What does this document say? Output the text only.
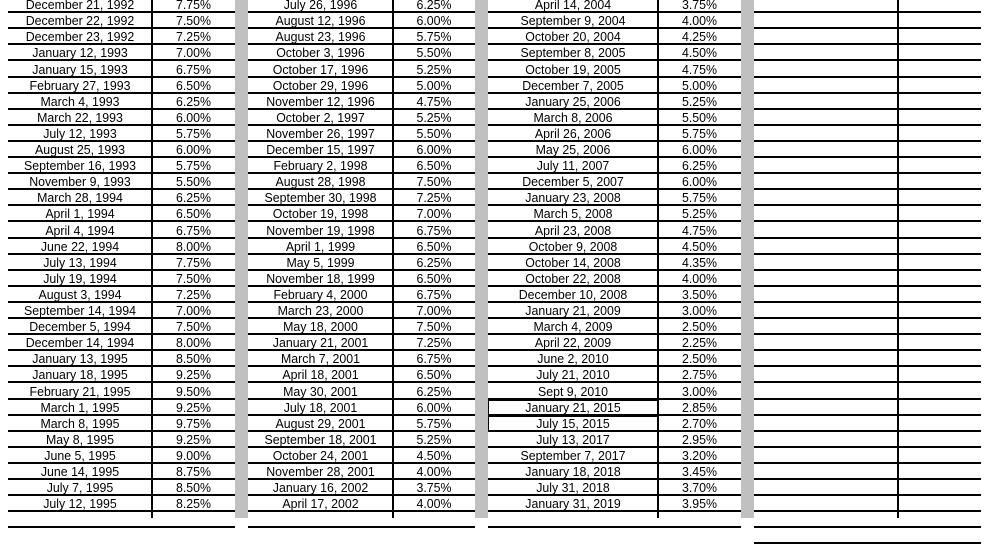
December 21, 1992	7.75%
December 22, 1992	7.50%
December 23, 1992	7.25%
January 12, 1993	7.00%
January 15, 1993	6.75%
February 27, 1993	6.50%
March 4, 1993	6.25%
March 22, 1993	6.00%
July 12, 1993	5.75%
August 25, 1993	6.00%
September 16, 1993	5.75%
November 9, 1993	5.50%
March 28, 1994	6.25%
April 1, 1994	6.50%
April 4, 1994	6.75%
June 22, 1994	8.00%
July 13, 1994	7.75%
July 19, 1994	7.50%
August 3, 1994	7.25%
September 14, 1994	7.00%
December 5, 1994	7.50%
December 14, 1994	8.00%
January 13, 1995	8.50%
January 18, 1995	9.25%
February 21, 1995	9.50%
March 1, 1995	9.25%
March 8, 1995	9.75%
May 8, 1995	9.25%
June 5, 1995	9.00%
June 14, 1995	8.75%
July 7, 1995	8.50%
July 12, 1995	8.25%
July 26, 1996	6.25%
August 12, 1996	6.00%
August 23, 1996	5.75%
October 3, 1996	5.50%
October 17, 1996	5.25%
October 29, 1996	5.00%
November 12, 1996	4.75%
October 2, 1997	5.25%
November 26, 1997	5.50%
December 15, 1997	6.00%
February 2, 1998	6.50%
August 28, 1998	7.50%
September 30, 1998	7.25%
October 19, 1998	7.00%
November 19, 1998	6.75%
April 1, 1999	6.50%
May 5, 1999	6.25%
November 18, 1999	6.50%
February 4, 2000	6.75%
March 23, 2000	7.00%
May 18, 2000	7.50%
January 21, 2001	7.25%
March 7, 2001	6.75%
April 18, 2001	6.50%
May 30, 2001	6.25%
July 18, 2001	6.00%
August 29, 2001	5.75%
September 18, 2001	5.25%
October 24, 2001	4.50%
November 28, 2001	4.00%
January 16, 2002	3.75%
April 17, 2002	4.00%
April 14, 2004	3.75%
September 9, 2004	4.00%
October 20, 2004	4.25%
September 8, 2005	4.50%
October 19, 2005	4.75%
December 7, 2005	5.00%
January 25, 2006	5.25%
March 8, 2006	5.50%
April 26, 2006	5.75%
May 25, 2006	6.00%
July 11, 2007	6.25%
December 5, 2007	6.00%
January 23, 2008	5.75%
March 5, 2008	5.25%
April 23, 2008	4.75%
October 9, 2008	4.50%
October 14, 2008	4.35%
October 22, 2008	4.00%
December 10, 2008	3.50%
January 21, 2009	3.00%
March 4, 2009	2.50%
April 22, 2009	2.25%
June 2, 2010	2.50%
July 21, 2010	2.75%
Sept 9, 2010	3.00%
January 21, 2015	2.85%
July 15, 2015	2.70%
July 13, 2017	2.95%
September 7, 2017	3.20%
January 18, 2018	3.45%
July 31, 2018	3.70%
January 31, 2019	3.95%
